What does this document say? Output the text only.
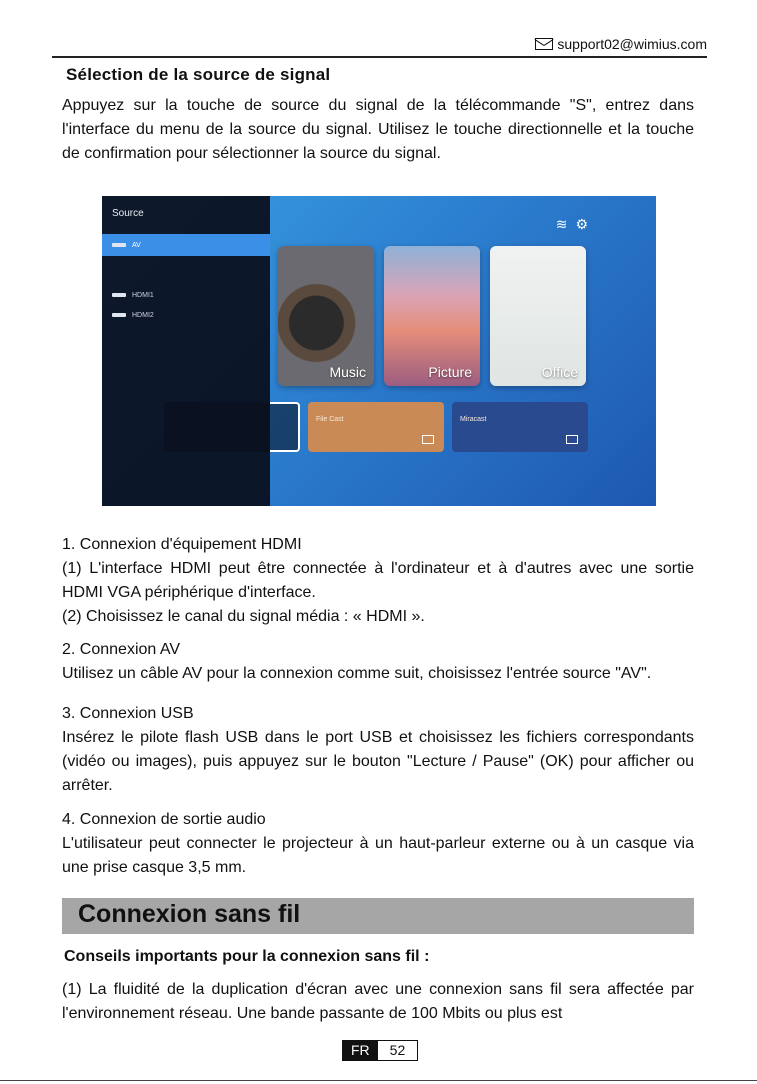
support02@wimius.com
Sélection de la source de signal
Appuyez sur la touche de source du signal de la télécommande "S", entrez dans l'interface du menu de la source du signal. Utilisez le touche directionnelle et la touche de confirmation pour sélectionner la source du signal.
Source
AV
HDMI1
HDMI2
≋ ⚙
Music	Picture	Office
File Cast	Miracast
1. Connexion d'équipement HDMI
(1) L'interface HDMI peut être connectée à l'ordinateur et à d'autres avec une sortie HDMI VGA périphérique d'interface.
(2) Choisissez le canal du signal média : « HDMI ».
2. Connexion AV
Utilisez un câble AV pour la connexion comme suit, choisissez l'entrée source "AV".
3. Connexion USB
Insérez le pilote flash USB dans le port USB et choisissez les fichiers correspondants (vidéo ou images), puis appuyez sur le bouton "Lecture / Pause" (OK) pour afficher ou arrêter.
4. Connexion de sortie audio
L'utilisateur peut connecter le projecteur à un haut-parleur externe ou à un casque via une prise casque 3,5 mm.
Connexion sans fil
Conseils importants pour la connexion sans fil :
(1) La fluidité de la duplication d'écran avec une connexion sans fil sera affectée par l'environnement réseau. Une bande passante de 100 Mbits ou plus est
FR	52
